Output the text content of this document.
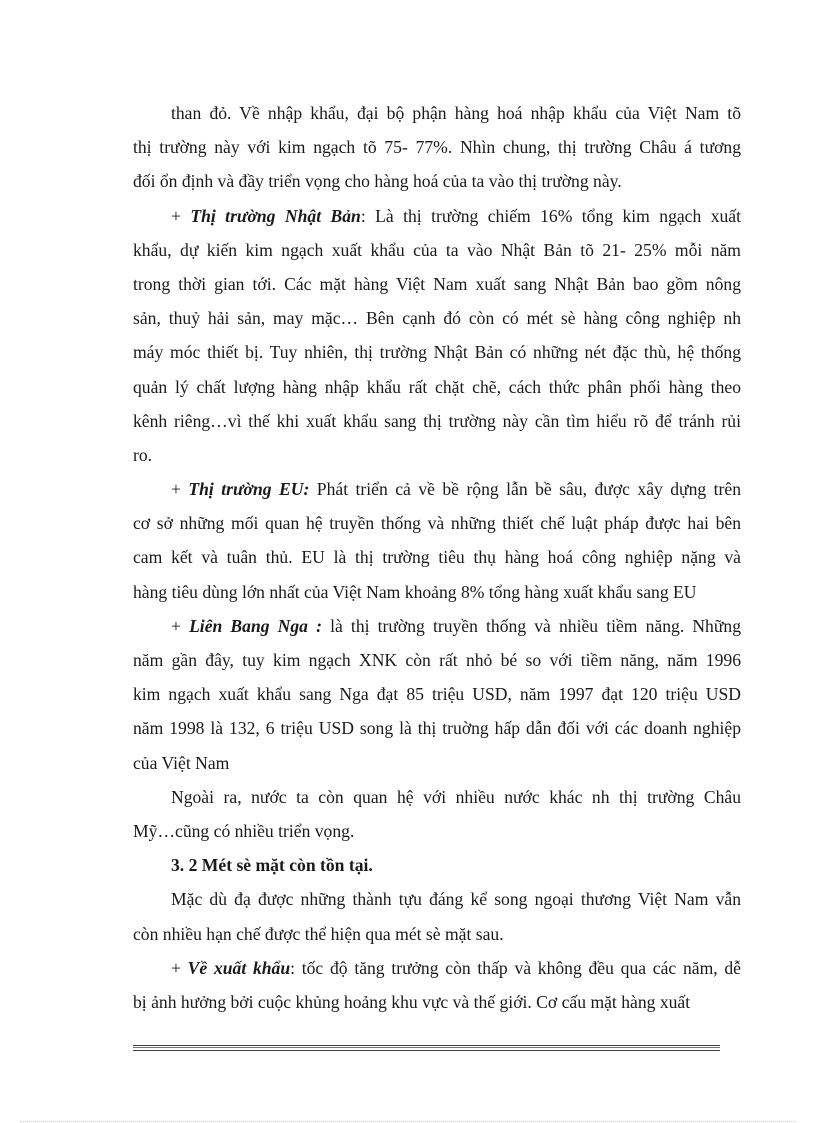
than đỏ. Về nhập khẩu, đại bộ phận hàng hoá nhập khẩu của Việt Nam tõ
thị trường này với kim ngạch tõ 75- 77%. Nhìn chung, thị trường Châu á tương
đối ổn định và đầy triển vọng cho hàng hoá của ta vào thị trường này.
+ Thị trường Nhật Bản: Là thị trường chiếm 16% tổng kim ngạch xuất
khẩu, dự kiến kim ngạch xuất khẩu của ta vào Nhật Bản tõ 21- 25% mỗi năm
trong thời gian tới. Các mặt hàng Việt Nam xuất sang Nhật Bản bao gồm nông
sản, thuỷ hải sản, may mặc… Bên cạnh đó còn có mét sè hàng công nghiệp nh
máy móc thiết bị. Tuy nhiên, thị trường Nhật Bản có những nét đặc thù, hệ thống
quản lý chất lượng hàng nhập khẩu rất chặt chẽ, cách thức phân phối hàng theo
kênh riêng…vì thế khi xuất khẩu sang thị trường này cần tìm hiểu rõ để tránh rủi
ro.
+ Thị trường EU: Phát triển cả về bề rộng lẫn bề sâu, được xây dựng trên
cơ sở những mối quan hệ truyền thống và những thiết chế luật pháp được hai bên
cam kết và tuân thủ. EU là thị trường tiêu thụ hàng hoá công nghiệp nặng và
hàng tiêu dùng lớn nhất của Việt Nam khoảng 8% tổng hàng xuất khẩu sang EU
+ Liên Bang Nga : là thị trường truyền thống và nhiều tiềm năng. Những
năm gần đây, tuy kim ngạch XNK còn rất nhỏ bé so với tiềm năng, năm 1996
kim ngạch xuất khẩu sang Nga đạt 85 triệu USD, năm 1997 đạt 120 triệu USD
năm 1998 là 132, 6 triệu USD song là thị truờng hấp dẫn đối với các doanh nghiệp
của Việt Nam
Ngoài ra, nước ta còn quan hệ với nhiều nước khác nh thị trường Châu
Mỹ…cũng có nhiều triển vọng.
3. 2 Mét sè mặt còn tồn tại.
Mặc dù đạ được những thành tựu đáng kể song ngoại thương Việt Nam vẫn
còn nhiều hạn chế được thể hiện qua mét sè mặt sau.
+ Về xuất khẩu: tốc độ tăng trưởng còn thấp và không đều qua các năm, dễ
bị ảnh hưởng bởi cuộc khủng hoảng khu vực và thế giới. Cơ cấu mặt hàng xuất
